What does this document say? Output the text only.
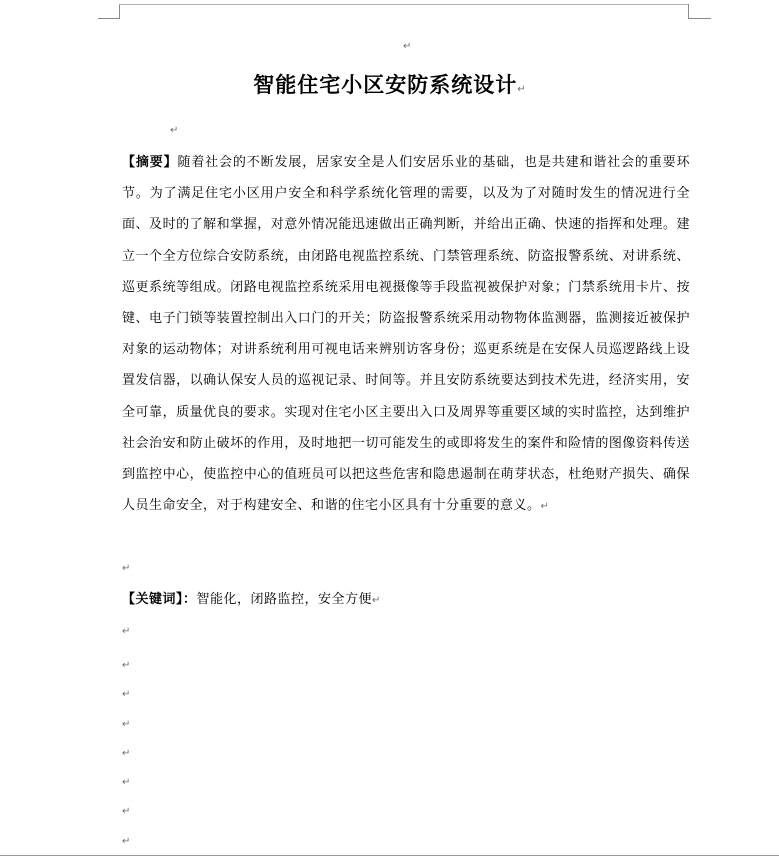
↵
智能住宅小区安防系统设计↵
↵
【摘要】随着社会的不断发展，居家安全是人们安居乐业的基础，也是共建和谐社会的重要环节。为了满足住宅小区用户安全和科学系统化管理的需要，以及为了对随时发生的情况进行全面、及时的了解和掌握，对意外情况能迅速做出正确判断，并给出正确、快速的指挥和处理。建立一个全方位综合安防系统，由闭路电视监控系统、门禁管理系统、防盗报警系统、对讲系统、巡更系统等组成。闭路电视监控系统采用电视摄像等手段监视被保护对象；门禁系统用卡片、按键、电子门锁等装置控制出入口门的开关；防盗报警系统采用动物物体监测器，监测接近被保护对象的运动物体；对讲系统利用可视电话来辨别访客身份；巡更系统是在安保人员巡逻路线上设置发信器，以确认保安人员的巡视记录、时间等。并且安防系统要达到技术先进，经济实用，安全可靠，质量优良的要求。实现对住宅小区主要出入口及周界等重要区域的实时监控，达到维护社会治安和防止破坏的作用，及时地把一切可能发生的或即将发生的案件和险情的图像资料传送到监控中心，使监控中心的值班员可以把这些危害和隐患遏制在萌芽状态，杜绝财产损失、确保人员生命安全，对于构建安全、和谐的住宅小区具有十分重要的意义。↵
↵
【关键词】：智能化，闭路监控，安全方便↵
↵
↵
↵
↵
↵
↵
↵
↵
